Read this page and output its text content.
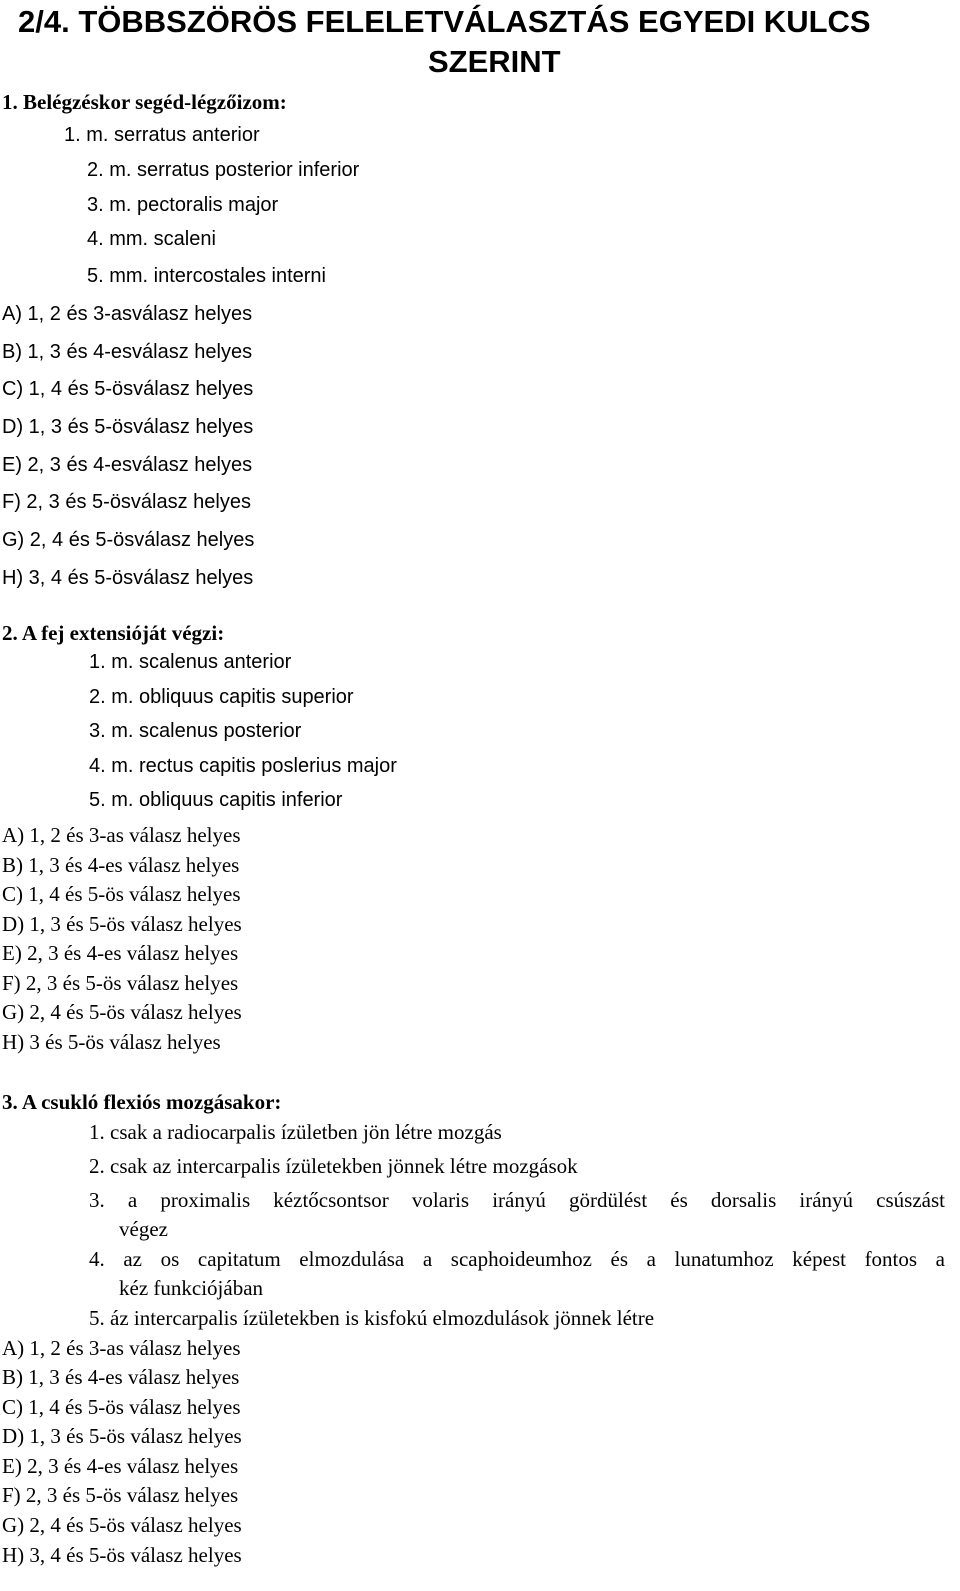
2/4. TÖBBSZÖRÖS FELELETVÁLASZTÁS EGYEDI KULCS
SZERINT
1. Belégzéskor segéd-légzőizom:
1. m. serratus anterior
2. m. serratus posterior inferior
3. m. pectoralis major
4. mm. scaleni
5. mm. intercostales interni
A) 1, 2 és 3-asválasz helyes
B) 1, 3 és 4-esválasz helyes
C) 1, 4 és 5-ösválasz helyes
D) 1, 3 és 5-ösválasz helyes
E) 2, 3 és 4-esválasz helyes
F) 2, 3 és 5-ösválasz helyes
G) 2, 4 és 5-ösválasz helyes
H) 3, 4 és 5-ösválasz helyes
2. A fej extensióját végzi:
1. m. scalenus anterior
2. m. obliquus capitis superior
3. m. scalenus posterior
4. m. rectus capitis poslerius major
5. m. obliquus capitis inferior
A) 1, 2 és 3-as válasz helyes
B) 1, 3 és 4-es válasz helyes
C) 1, 4 és 5-ös válasz helyes
D) 1, 3 és 5-ös válasz helyes
E) 2, 3 és 4-es válasz helyes
F) 2, 3 és 5-ös válasz helyes
G) 2, 4 és 5-ös válasz helyes
H) 3 és 5-ös válasz helyes
3. A csukló flexiós mozgásakor:
1. csak a radiocarpalis ízületben jön létre mozgás
2. csak az intercarpalis ízületekben jönnek létre mozgások
3. a proximalis kéztőcsontsor volaris irányú gördülést és dorsalis irányú csúszást
végez
4. az os capitatum elmozdulása a scaphoideumhoz és a lunatumhoz képest fontos a
kéz funkciójában
5. áz intercarpalis ízületekben is kisfokú elmozdulások jönnek létre
A) 1, 2 és 3-as válasz helyes
B) 1, 3 és 4-es válasz helyes
C) 1, 4 és 5-ös válasz helyes
D) 1, 3 és 5-ös válasz helyes
E) 2, 3 és 4-es válasz helyes
F) 2, 3 és 5-ös válasz helyes
G) 2, 4 és 5-ös válasz helyes
H) 3, 4 és 5-ös válasz helyes
